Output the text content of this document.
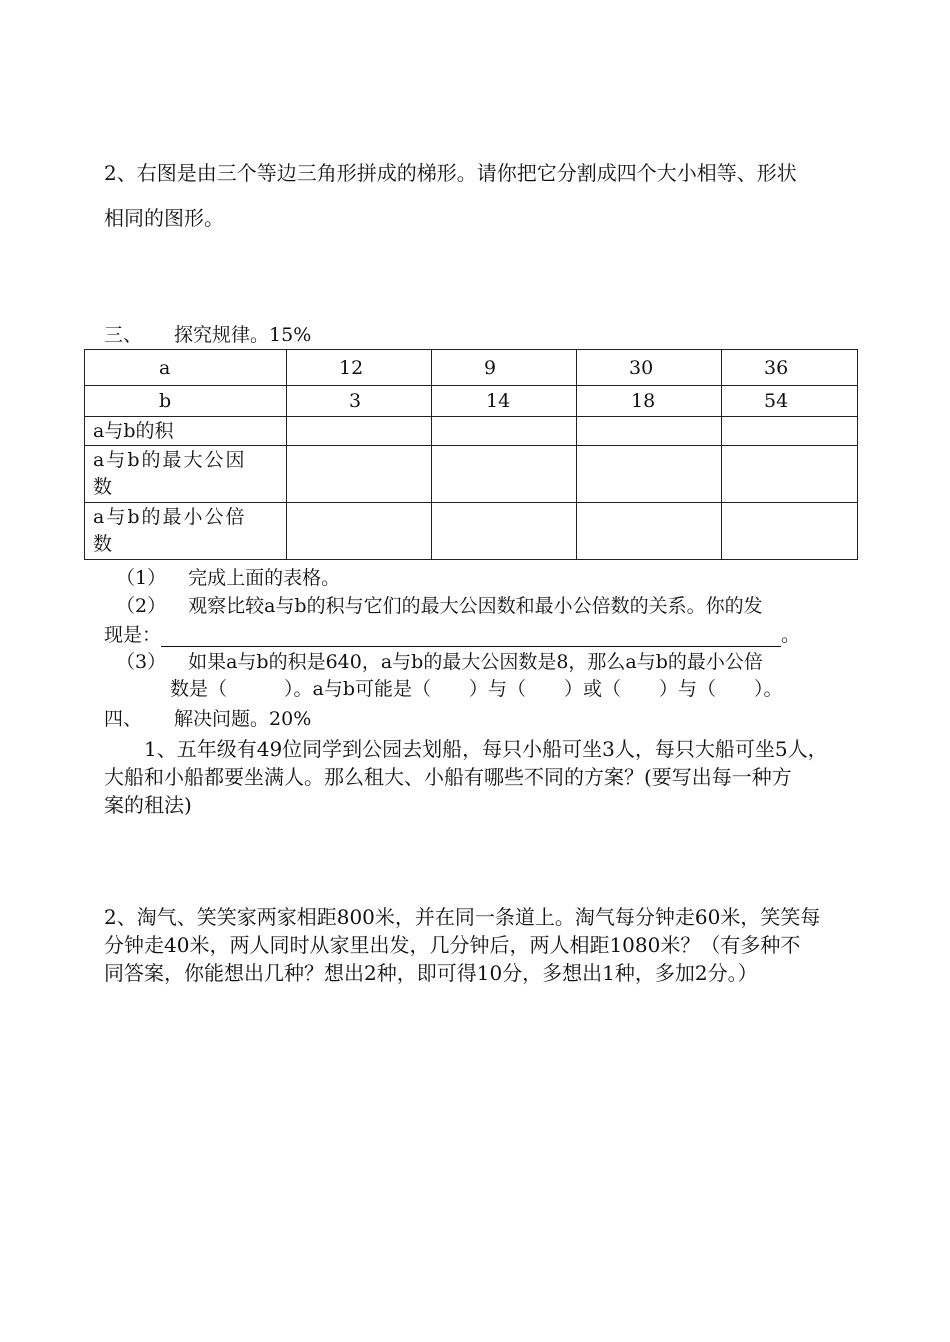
2、右图是由三个等边三角形拼成的梯形。请你把它分割成四个大小相等、形状
相同的图形。
三、 探究规律。15%
a	12	9	30	36
b	3	14	18	54
a与b的积				

a与b的最大公因
数				

a与b的最小公倍
数				

（1） 完成上面的表格。
（2） 观察比较a与b的积与它们的最大公因数和最小公倍数的关系。你的发
现是：	。
（3） 如果a与b的积是640，a与b的最大公因数是8，那么a与b的最小公倍
数是（　　　）。a与b可能是（　　）与（　　）或（　　）与（　　）。
四、 解决问题。20%
1、五年级有49位同学到公园去划船，每只小船可坐3人，每只大船可坐5人，
大船和小船都要坐满人。那么租大、小船有哪些不同的方案？(要写出每一种方
案的租法)
2、淘气、笑笑家两家相距800米，并在同一条道上。淘气每分钟走60米，笑笑每
分钟走40米，两人同时从家里出发，几分钟后，两人相距1080米？（有多种不
同答案，你能想出几种？想出2种，即可得10分，多想出1种，多加2分。）
